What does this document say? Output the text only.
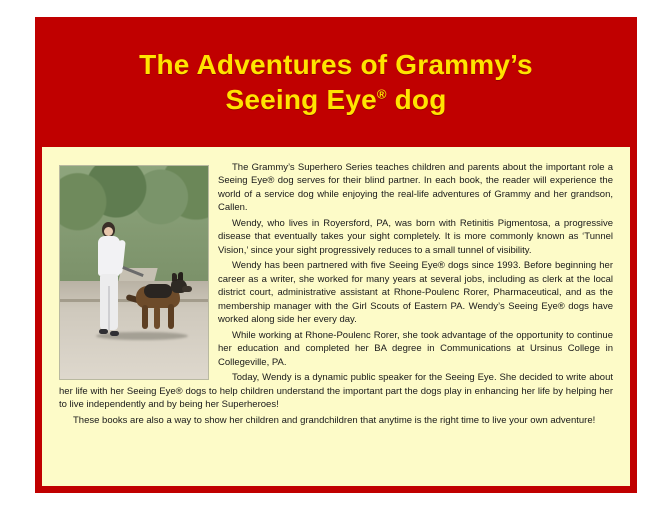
The Adventures of Grammy’s
Seeing Eye® dog

The Grammy’s Superhero Series teaches children and parents about the important role a Seeing Eye® dog serves for their blind partner. In each book, the reader will experience the world of a service dog while enjoying the real-life adventures of Grammy and her grandson, Callen.

Wendy, who lives in Royersford, PA, was born with Retinitis Pigmentosa, a progressive disease that eventually takes your sight completely. It is more commonly known as ‘Tunnel Vision,’ since your sight progressively reduces to a small tunnel of visibility.

Wendy has been partnered with five Seeing Eye® dogs since 1993. Before beginning her career as a writer, she worked for many years at several jobs, including as clerk at the local district court, administrative assistant at Rhone-Poulenc Rorer, Pharmaceutical, and as the membership manager with the Girl Scouts of Eastern PA. Wendy’s Seeing Eye® dogs have worked along side her every day.

While working at Rhone-Poulenc Rorer, she took advantage of the opportunity to continue her education and completed her BA degree in Communications at Ursinus College in Collegeville, PA.

Today, Wendy is a dynamic public speaker for the Seeing Eye. She decided to write about her life with her Seeing Eye® dogs to help children understand the important part the dogs play in enhancing her life by helping her to live independently and by being her Superheroes!

These books are also a way to show her children and grandchildren that anytime is the right time to live your own adventure!
